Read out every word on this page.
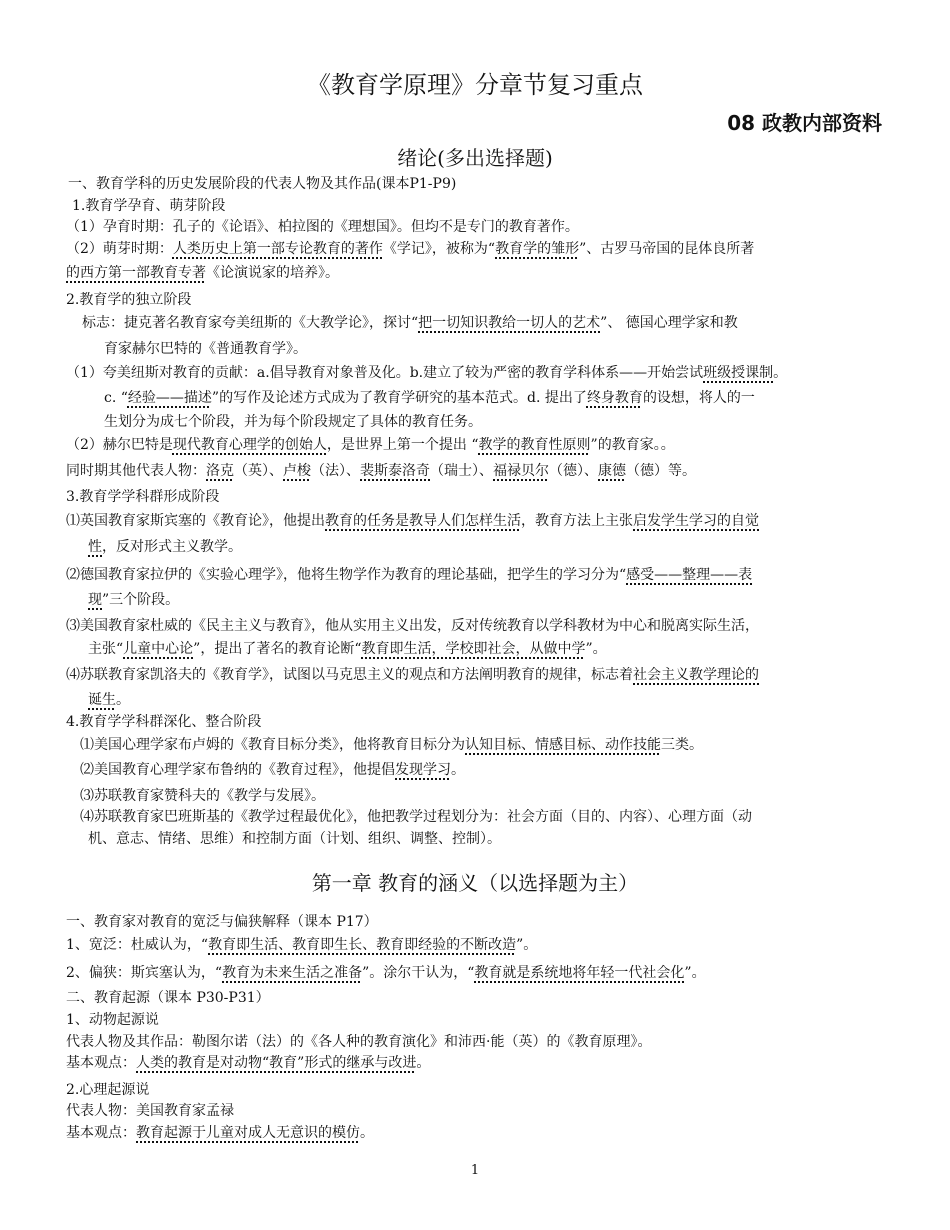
《教育学原理》分章节复习重点
08 政教内部资料
绪论(多出选择题)
一、教育学科的历史发展阶段的代表人物及其作品(课本P1-P9)
1.教育学孕育、萌芽阶段
（1）孕育时期：孔子的《论语》、柏拉图的《理想国》。但均不是专门的教育著作。
（2）萌芽时期：人类历史上第一部专论教育的著作《学记》，被称为“教育学的雏形”、古罗马帝国的昆体良所著
的西方第一部教育专著《论演说家的培养》。
2.教育学的独立阶段
标志：捷克著名教育家夸美纽斯的《大教学论》，探讨“把一切知识教给一切人的艺术”、 德国心理学家和教
育家赫尔巴特的《普通教育学》。
（1）夸美纽斯对教育的贡献：a.倡导教育对象普及化。b.建立了较为严密的教育学科体系——开始尝试班级授课制。
c. “经验——描述”的写作及论述方式成为了教育学研究的基本范式。d. 提出了终身教育的设想，将人的一
生划分为成七个阶段，并为每个阶段规定了具体的教育任务。
（2）赫尔巴特是现代教育心理学的创始人，是世界上第一个提出 “教学的教育性原则”的教育家。。
同时期其他代表人物：洛克（英）、卢梭（法）、裴斯泰洛奇（瑞士）、福禄贝尔（德）、康德（德）等。
3.教育学学科群形成阶段
⑴英国教育家斯宾塞的《教育论》，他提出教育的任务是教导人们怎样生活，教育方法上主张启发学生学习的自觉
性，反对形式主义教学。
⑵德国教育家拉伊的《实验心理学》，他将生物学作为教育的理论基础，把学生的学习分为“感受——整理——表
现”三个阶段。
⑶美国教育家杜威的《民主主义与教育》，他从实用主义出发，反对传统教育以学科教材为中心和脱离实际生活，
主张“儿童中心论”，提出了著名的教育论断“教育即生活，学校即社会，从做中学”。
⑷苏联教育家凯洛夫的《教育学》，试图以马克思主义的观点和方法阐明教育的规律，标志着社会主义教学理论的
诞生。
4.教育学学科群深化、整合阶段
⑴美国心理学家布卢姆的《教育目标分类》，他将教育目标分为认知目标、情感目标、动作技能三类。
⑵美国教育心理学家布鲁纳的《教育过程》，他提倡发现学习。
⑶苏联教育家赞科夫的《教学与发展》。
⑷苏联教育家巴班斯基的《教学过程最优化》，他把教学过程划分为：社会方面（目的、内容）、心理方面（动
机、意志、情绪、思维）和控制方面（计划、组织、调整、控制）。
第一章 教育的涵义（以选择题为主）
一、教育家对教育的宽泛与偏狭解释（课本 P17）
1、宽泛：杜威认为，“教育即生活、教育即生长、教育即经验的不断改造”。
2、偏狭：斯宾塞认为，“教育为未来生活之准备”。涂尔干认为，“教育就是系统地将年轻一代社会化”。
二、教育起源（课本 P30-P31）
1、动物起源说
代表人物及其作品：勒图尔诺（法）的《各人种的教育演化》和沛西·能（英）的《教育原理》。
基本观点：人类的教育是对动物“教育”形式的继承与改进。
2.心理起源说
代表人物：美国教育家孟禄
基本观点：教育起源于儿童对成人无意识的模仿。
1
